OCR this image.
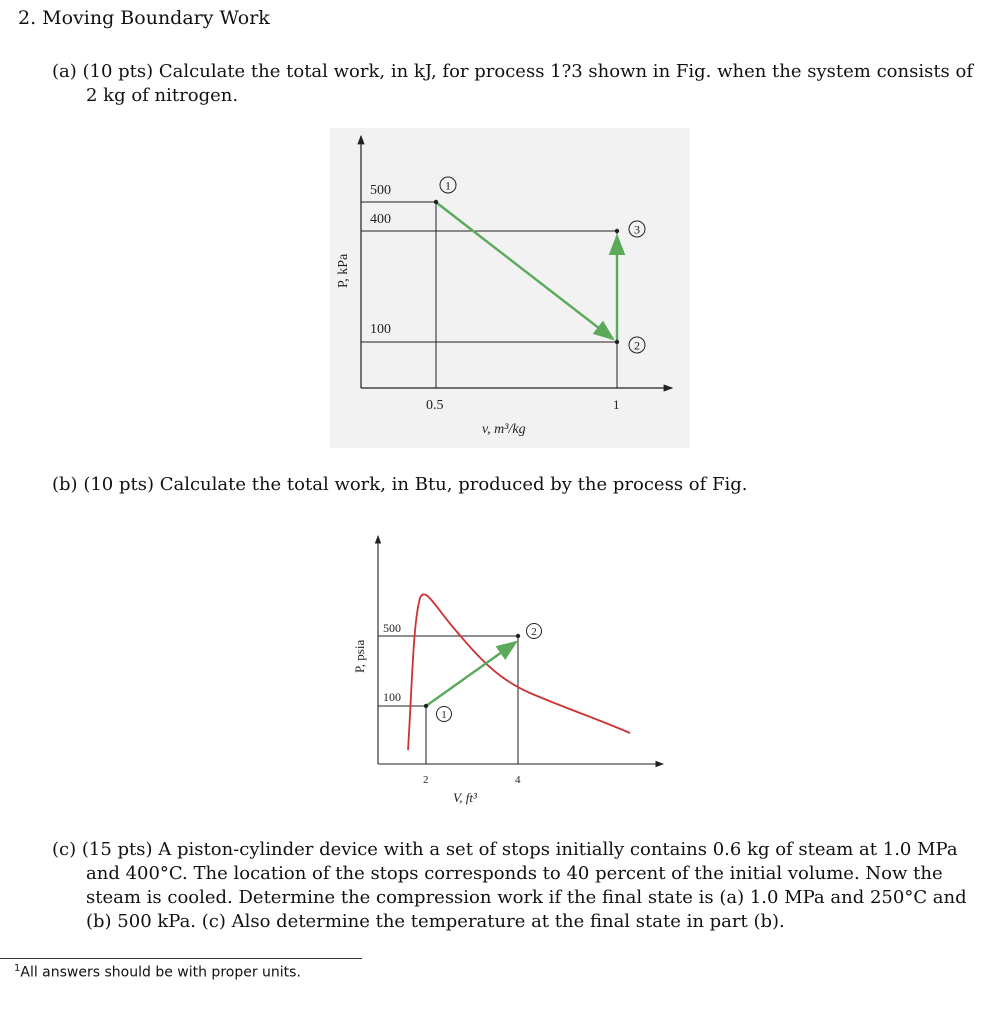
2. Moving Boundary Work
(a) (10 pts) Calculate the total work, in kJ, for process 1?3 shown in Fig. when the system consists of 2 kg of nitrogen.
500
400
100
0.5	1
P, kPa
v, m³/kg
1
3
2
(b) (10 pts) Calculate the total work, in Btu, produced by the process of Fig.
500
100
2	4
P, psia
V, ft³
2
1
(c) (15 pts) A piston-cylinder device with a set of stops initially contains 0.6 kg of steam at 1.0 MPa and 400°C. The location of the stops corresponds to 40 percent of the initial volume. Now the steam is cooled. Determine the compression work if the final state is (a) 1.0 MPa and 250°C and (b) 500 kPa. (c) Also determine the temperature at the final state in part (b).
$^1$All answers should be with proper units.
